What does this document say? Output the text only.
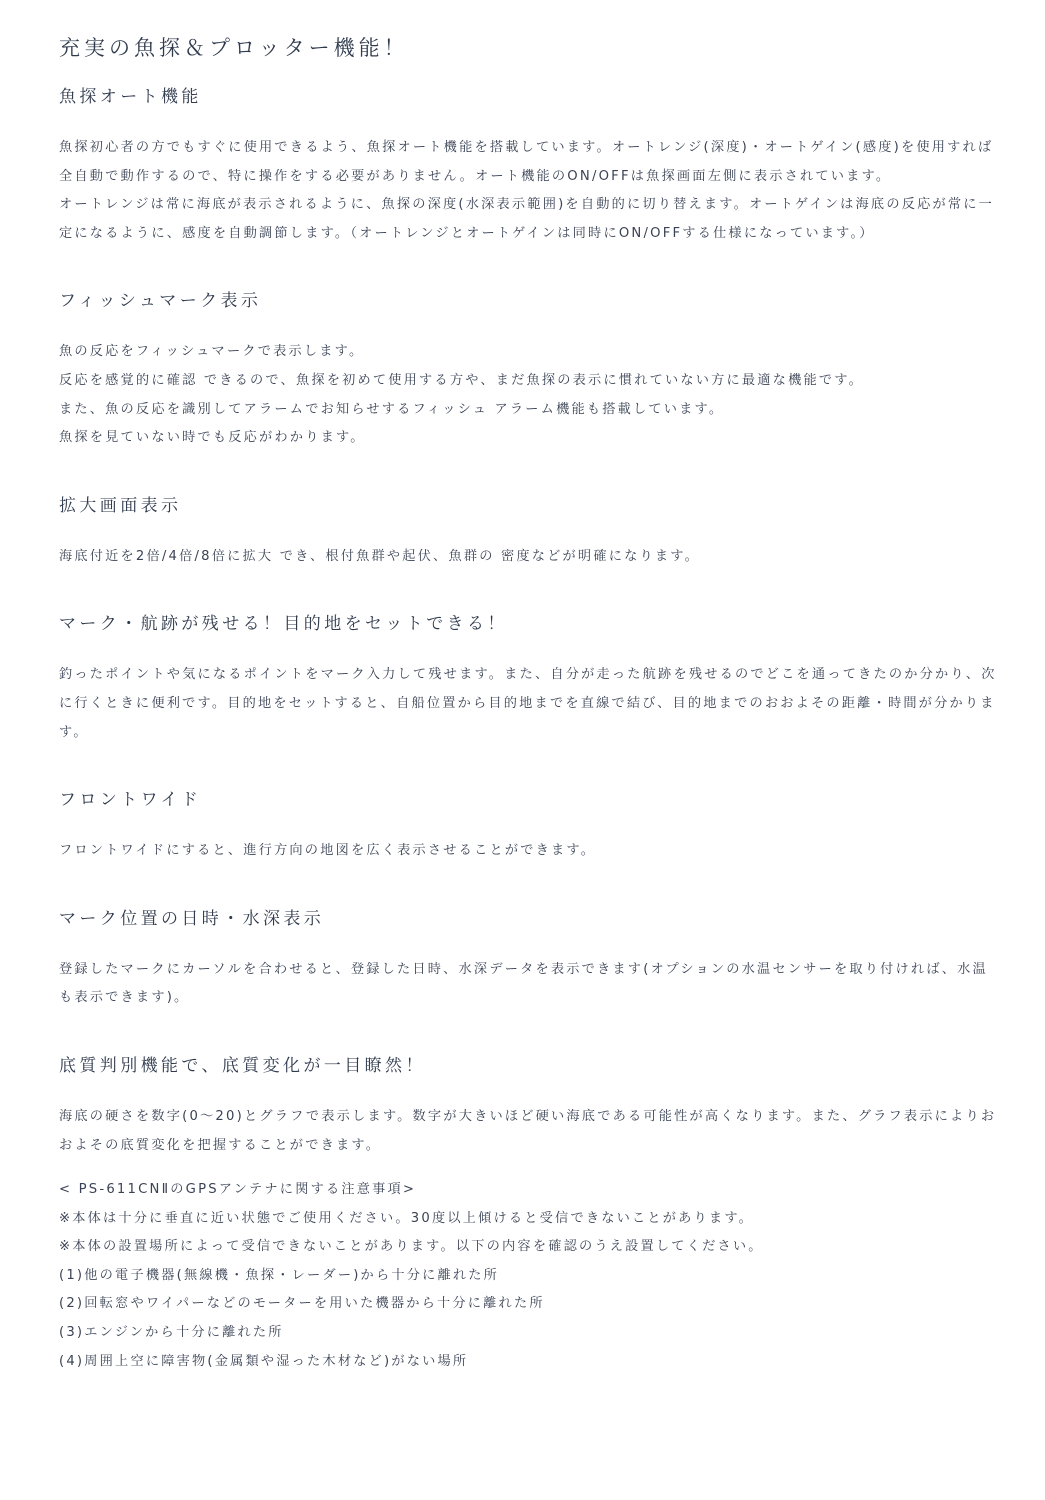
充実の魚探＆プロッター機能！
魚探オート機能

魚探初心者の方でもすぐに使用できるよう、魚探オート機能を搭載しています。オートレンジ(深度)・オートゲイン(感度)を使用すれば全自動で動作するので、特に操作をする必要がありません。オート機能のON/OFFは魚探画面左側に表示されています。

オートレンジは常に海底が表示されるように、魚探の深度(水深表示範囲)を自動的に切り替えます。オートゲインは海底の反応が常に一定になるように、感度を自動調節します。（オートレンジとオートゲインは同時にON/OFFする仕様になっています。）

フィッシュマーク表示

魚の反応をフィッシュマークで表示します。

反応を感覚的に確認 できるので、魚探を初めて使用する方や、まだ魚探の表示に慣れていない方に最適な機能です。

また、魚の反応を識別してアラームでお知らせするフィッシュ アラーム機能も搭載しています。

魚探を見ていない時でも反応がわかります。

拡大画面表示

海底付近を2倍/4倍/8倍に拡大 でき、根付魚群や起伏、魚群の 密度などが明確になります。

マーク・航跡が残せる！目的地をセットできる！

釣ったポイントや気になるポイントをマーク入力して残せます。また、自分が走った航跡を残せるのでどこを通ってきたのか分かり、次に行くときに便利です。目的地をセットすると、自船位置から目的地までを直線で結び、目的地までのおおよその距離・時間が分かります。

フロントワイド

フロントワイドにすると、進行方向の地図を広く表示させることができます。

マーク位置の日時・水深表示

登録したマークにカーソルを合わせると、登録した日時、水深データを表示できます(オプションの水温センサーを取り付ければ、水温も表示できます)。

底質判別機能で、底質変化が一目瞭然！

海底の硬さを数字(0〜20)とグラフで表示します。数字が大きいほど硬い海底である可能性が高くなります。また、グラフ表示によりおおよその底質変化を把握することができます。

< PS-611CNⅡのGPSアンテナに関する注意事項>

※本体は十分に垂直に近い状態でご使用ください。30度以上傾けると受信できないことがあります。

※本体の設置場所によって受信できないことがあります。以下の内容を確認のうえ設置してください。

(1)他の電子機器(無線機・魚探・レーダー)から十分に離れた所

(2)回転窓やワイパーなどのモーターを用いた機器から十分に離れた所

(3)エンジンから十分に離れた所

(4)周囲上空に障害物(金属類や湿った木材など)がない場所
